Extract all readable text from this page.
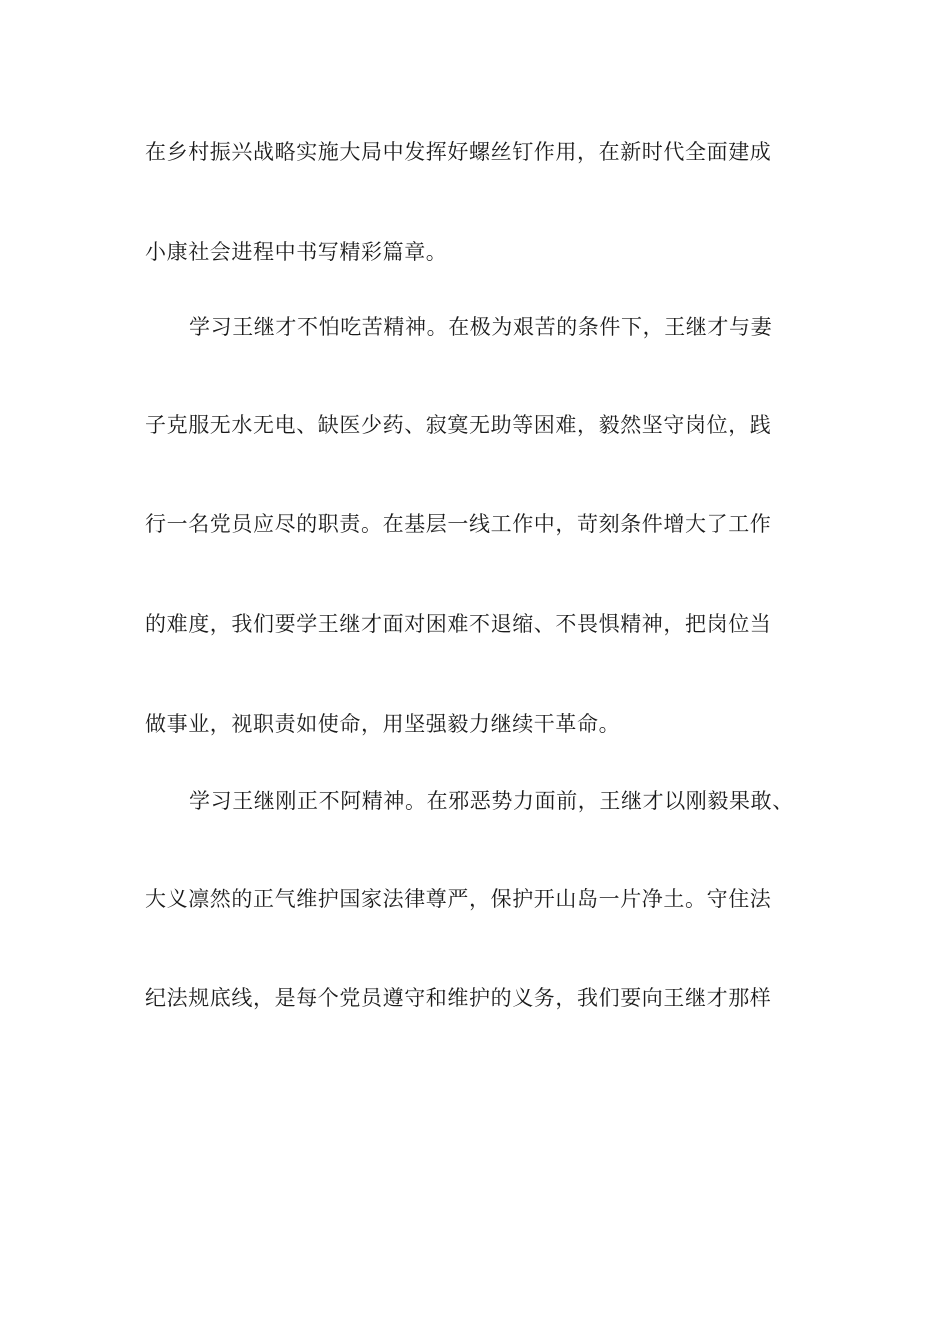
在乡村振兴战略实施大局中发挥好螺丝钉作用，在新时代全面建成
小康社会进程中书写精彩篇章。
学习王继才不怕吃苦精神。在极为艰苦的条件下，王继才与妻
子克服无水无电、缺医少药、寂寞无助等困难，毅然坚守岗位，践
行一名党员应尽的职责。在基层一线工作中，苛刻条件增大了工作
的难度，我们要学王继才面对困难不退缩、不畏惧精神，把岗位当
做事业，视职责如使命，用坚强毅力继续干革命。
学习王继刚正不阿精神。在邪恶势力面前，王继才以刚毅果敢、
大义凛然的正气维护国家法律尊严，保护开山岛一片净土。守住法
纪法规底线，是每个党员遵守和维护的义务，我们要向王继才那样
